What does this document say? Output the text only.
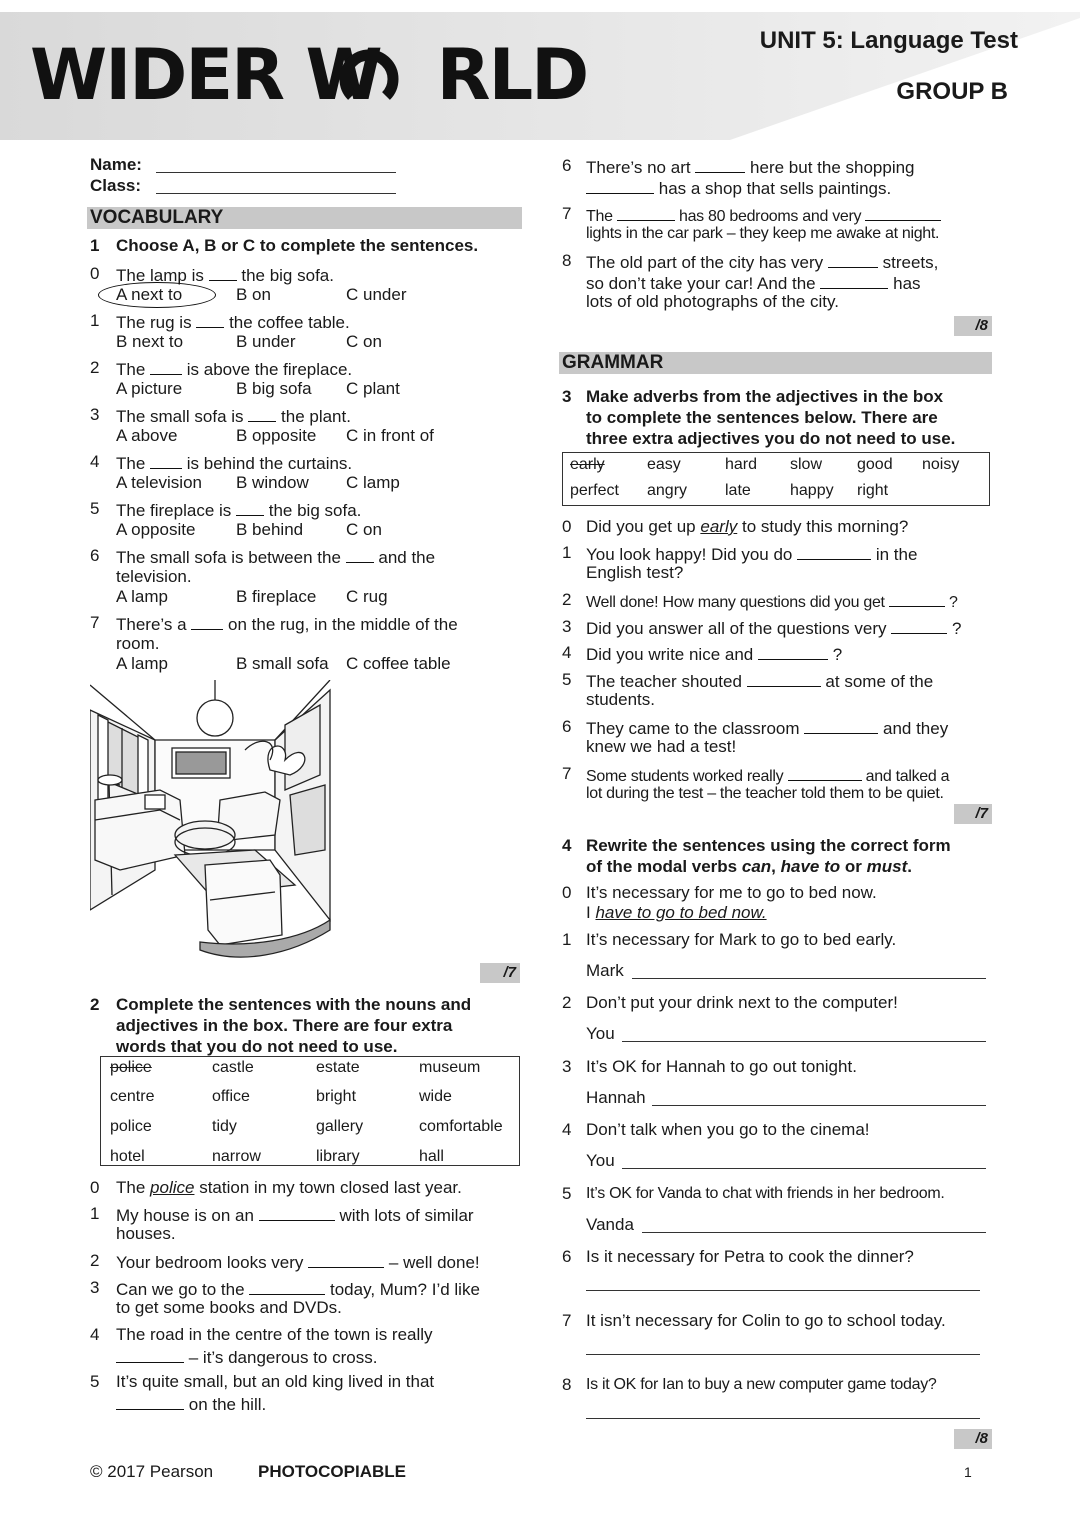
WIDER W RLD	UNIT 5: Language Test
GROUP B
Name:
Class:
VOCABULARY
1 Choose A, B or C to complete the sentences.
/7
2 Complete the sentences with the nouns and
adjectives in the box. There are four extra
words that you do not need to use.
/8
GRAMMAR
3 Make adverbs from the adjectives in the box
to complete the sentences below. There are
three extra adjectives you do not need to use.
/7
4 Rewrite the sentences using the correct form
of the modal verbs can, have to or must.
/8
© 2017 Pearson	PHOTOCOPIABLE	1
0 The lamp is the big sofa.
A next to	B on	C under
1 The rug is the coffee table.
B next to	B under	C on
2 The is above the fireplace.
A picture	B big sofa C plant
3 The small sofa is the plant.
A above	B opposite C in front of
4 The is behind the curtains.
A television B window C lamp
5 The fireplace is the big sofa.
A opposite B behind	C on
6 The small sofa is between the and the
television.
A lamp	B fireplace C rug
7 There’s a on the rug, in the middle of the
room.
A lamp	B small sofa C coffee table
police	castle	estate	museum
centre	office	bright	wide
police	tidy	gallery	comfortable
hotel	narrow	library	hall
0 The police station in my town closed last year.
1 My house is on an	with lots of similar
houses.
2 Your bedroom looks very	– well done!
3 Can we go to the	today, Mum? I’d like
to get some books and DVDs.
4 The road in the centre of the town is really
– it’s dangerous to cross.
5 It’s quite small, but an old king lived in that
on the hill.
6 There’s no art	here but the shopping
has a shop that sells paintings.
7 The	has 80 bedrooms and very
lights in the car park – they keep me awake at night.
8 The old part of the city has very	streets,
so don’t take your car! And the	has
lots of old photographs of the city.
early	easy	hard slow good noisy
perfect angry late happy right
0 Did you get up early to study this morning?
1 You look happy! Did you do	in the
English test?
2 Well done! How many questions did you get	?
3 Did you answer all of the questions very	?
4 Did you write nice and	?
5 The teacher shouted	at some of the
students.
6 They came to the classroom	and they
knew we had a test!
7 Some students worked really	and talked a
lot during the test – the teacher told them to be quiet.
0 It’s necessary for me to go to bed now.
I have to go to bed now.
1 It’s necessary for Mark to go to bed early.
Mark
2 Don’t put your drink next to the computer!
You
3 It’s OK for Hannah to go out tonight.
Hannah
4 Don’t talk when you go to the cinema!
You
5 It’s OK for Vanda to chat with friends in her bedroom.
Vanda
6 Is it necessary for Petra to cook the dinner?
7 It isn’t necessary for Colin to go to school today.
8 Is it OK for Ian to buy a new computer game today?
